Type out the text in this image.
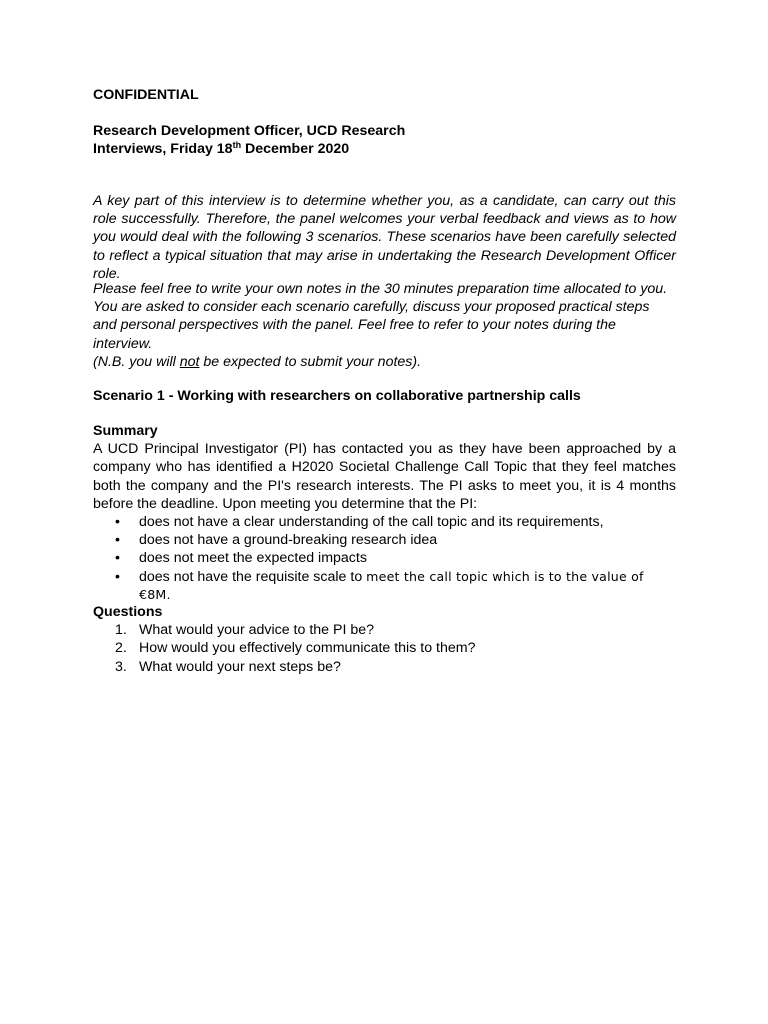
CONFIDENTIAL

Research Development Officer, UCD Research

Interviews, Friday 18th December 2020

A key part of this interview is to determine whether you, as a candidate, can carry out this role successfully. Therefore, the panel welcomes your verbal feedback and views as to how you would deal with the following 3 scenarios. These scenarios have been carefully selected to reflect a typical situation that may arise in undertaking the Research Development Officer role.

Please feel free to write your own notes in the 30 minutes preparation time allocated to you. You are asked to consider each scenario carefully, discuss your proposed practical steps and personal perspectives with the panel. Feel free to refer to your notes during the interview.

(N.B. you will not be expected to submit your notes).

Scenario 1 - Working with researchers on collaborative partnership calls

Summary

A UCD Principal Investigator (PI) has contacted you as they have been approached by a company who has identified a H2020 Societal Challenge Call Topic that they feel matches both the company and the PI's research interests. The PI asks to meet you, it is 4 months before the deadline. Upon meeting you determine that the PI:

• does not have a clear understanding of the call topic and its requirements,
• does not have a ground-breaking research idea
• does not meet the expected impacts
• does not have the requisite scale to meet the call topic which is to the value of €8M.

Questions

1. What would your advice to the PI be?
2. How would you effectively communicate this to them?
3. What would your next steps be?
